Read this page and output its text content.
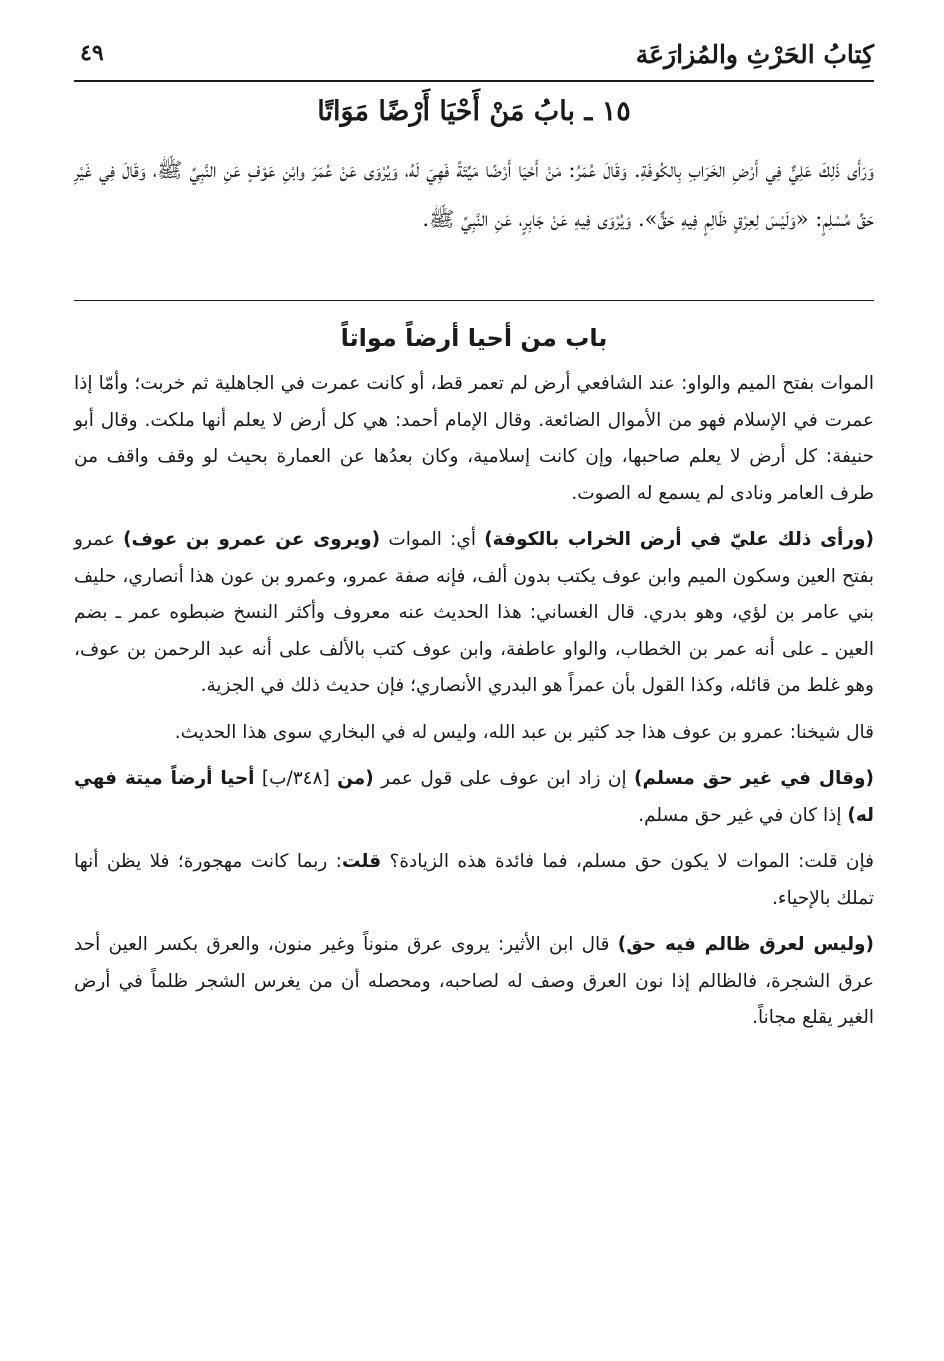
كِتابُ الحَرْثِ والمُزارَعَة
٤٩
١٥ ـ بابُ مَنْ أَحْيَا أَرْضًا مَوَاتًا
وَرَأَى ذَلِكَ عَلِيٌّ فِي أَرْضِ الخَرَابِ بِالكُوفَةِ. وَقَالَ عُمَرُ: مَنْ أَحْيَا أَرْضًا مَيِّتَةً فَهِيَ لَهُ، وَيُرْوَى عَنْ عُمَرَ وابْنِ عَوْفٍ عَنِ النَّبِيِّ ﷺ، وَقَالَ فِي غَيْرِ حَقِّ مُسْلِمٍ: «وَلَيْسَ لِعِرْقٍ ظَالِمٍ فِيهِ حَقٌّ». وَيُرْوَى فِيهِ عَنْ جَابِرٍ، عَنِ النَّبِيِّ ﷺ.
باب من أحيا أرضاً مواتاً

الموات بفتح الميم والواو: عند الشافعي أرض لم تعمر قط، أو كانت عمرت في الجاهلية ثم خربت؛ وأمّا إذا عمرت في الإسلام فهو من الأموال الضائعة. وقال الإمام أحمد: هي كل أرض لا يعلم أنها ملكت. وقال أبو حنيفة: كل أرض لا يعلم صاحبها، وإن كانت إسلامية، وكان بعدُها عن العمارة بحيث لو وقف واقف من طرف العامر ونادى لم يسمع له الصوت.

(ورأى ذلك عليّ في أرض الخراب بالكوفة) أي: الموات (ويروى عن عمرو بن عوف) عمرو بفتح العين وسكون الميم وابن عوف يكتب بدون ألف، فإنه صفة عمرو، وعمرو بن عون هذا أنصاري، حليف بني عامر بن لؤي، وهو بدري. قال الغساني: هذا الحديث عنه معروف وأكثر النسخ ضبطوه عمر ـ بضم العين ـ على أنه عمر بن الخطاب، والواو عاطفة، وابن عوف كتب بالألف على أنه عبد الرحمن بن عوف، وهو غلط من قائله، وكذا القول بأن عمراً هو البدري الأنصاري؛ فإن حديث ذلك في الجزية.

قال شيخنا: عمرو بن عوف هذا جد كثير بن عبد الله، وليس له في البخاري سوى هذا الحديث.

(وقال في غير حق مسلم) إن زاد ابن عوف على قول عمر (من [٣٤٨/ب] أحيا أرضاً ميتة فهي له) إذا كان في غير حق مسلم.

فإن قلت: الموات لا يكون حق مسلم، فما فائدة هذه الزيادة؟ قلت: ربما كانت مهجورة؛ فلا يظن أنها تملك بالإحياء.

(وليس لعرق ظالم فيه حق) قال ابن الأثير: يروى عرق منوناً وغير منون، والعرق بكسر العين أحد عرق الشجرة، فالظالم إذا نون العرق وصف له لصاحبه، ومحصله أن من يغرس الشجر ظلماً في أرض الغير يقلع مجاناً.
